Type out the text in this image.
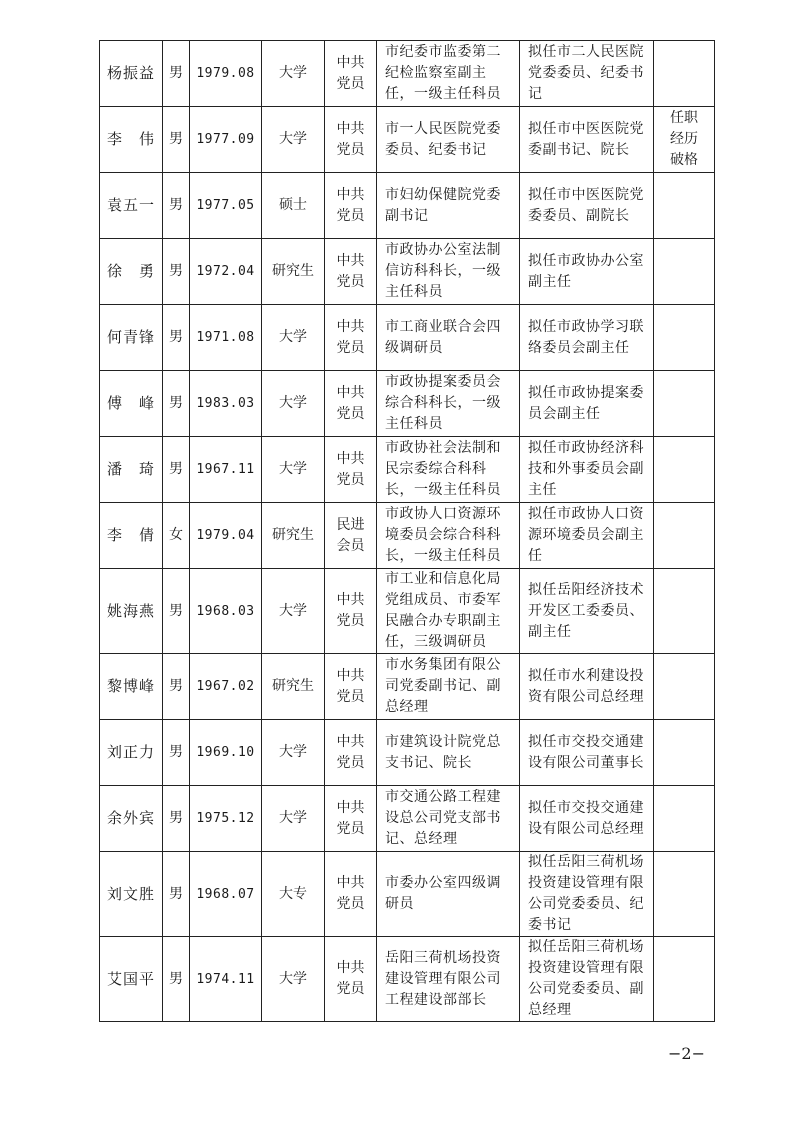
杨振益	男	1979.08	大学	中共党员	市纪委市监委第二纪检监察室副主任，一级主任科员	拟任市二人民医院党委委员、纪委书记	
李　伟	男	1977.09	大学	中共党员	市一人民医院党委委员、纪委书记	拟任市中医医院党委副书记、院长	任职经历破格
袁五一	男	1977.05	硕士	中共党员	市妇幼保健院党委副书记	拟任市中医医院党委委员、副院长	
徐　勇	男	1972.04	研究生	中共党员	市政协办公室法制信访科科长，一级主任科员	拟任市政协办公室副主任	
何青锋	男	1971.08	大学	中共党员	市工商业联合会四级调研员	拟任市政协学习联络委员会副主任	
傅　峰	男	1983.03	大学	中共党员	市政协提案委员会综合科科长，一级主任科员	拟任市政协提案委员会副主任	
潘　琦	男	1967.11	大学	中共党员	市政协社会法制和民宗委综合科科长，一级主任科员	拟任市政协经济科技和外事委员会副主任	
李　倩	女	1979.04	研究生	民进会员	市政协人口资源环境委员会综合科科长，一级主任科员	拟任市政协人口资源环境委员会副主任	
姚海燕	男	1968.03	大学	中共党员	市工业和信息化局党组成员、市委军民融合办专职副主任，三级调研员	拟任岳阳经济技术开发区工委委员、副主任	
黎博峰	男	1967.02	研究生	中共党员	市水务集团有限公司党委副书记、副总经理	拟任市水利建设投资有限公司总经理	
刘正力	男	1969.10	大学	中共党员	市建筑设计院党总支书记、院长	拟任市交投交通建设有限公司董事长	
余外宾	男	1975.12	大学	中共党员	市交通公路工程建设总公司党支部书记、总经理	拟任市交投交通建设有限公司总经理	
刘文胜	男	1968.07	大专	中共党员	市委办公室四级调研员	拟任岳阳三荷机场投资建设管理有限公司党委委员、纪委书记	
艾国平	男	1974.11	大学	中共党员	岳阳三荷机场投资建设管理有限公司工程建设部部长	拟任岳阳三荷机场投资建设管理有限公司党委委员、副总经理	
−2−
